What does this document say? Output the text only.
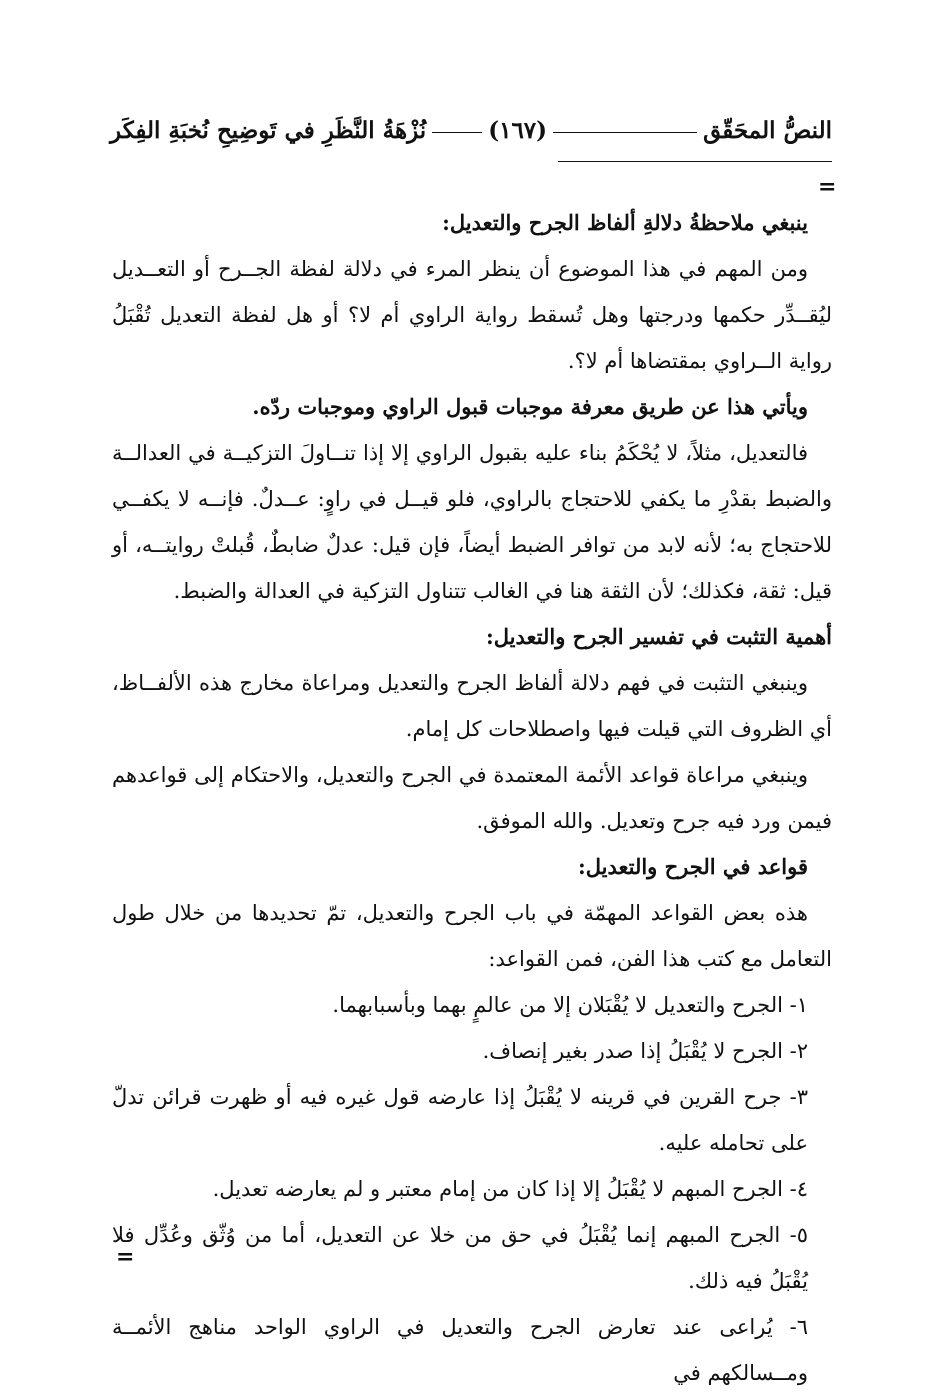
النصُّ المحَقّق
(١٦٧)
نُزْهَةُ النَّظَرِ في تَوضِيحِ نُخبَةِ الفِكَر
=
ينبغي ملاحظةُ دلالةِ ألفاظ الجرح والتعديل:

ومن المهم في هذا الموضوع أن ينظر المرء في دلالة لفظة الجــرح أو التعــديل ليُقــدِّر حكمها ودرجتها وهل تُسقط رواية الراوي أم لا؟ أو هل لفظة التعديل تُقْبَلُ رواية الــراوي بمقتضاها أم لا؟.

ويأتي هذا عن طريق معرفة موجبات قبول الراوي وموجبات ردّه.

فالتعديل، مثلاً، لا يُحْكَمُ بناء عليه بقبول الراوي إلا إذا تنــاولَ التزكيــة في العدالــة والضبط بقدْرِ ما يكفي للاحتجاج بالراوي، فلو قيــل في راوٍ: عــدلٌ. فإنــه لا يكفــي للاحتجاج به؛ لأنه لابد من توافر الضبط أيضاً، فإن قيل: عدلٌ ضابطٌ، قُبلتْ روايتــه، أو قيل: ثقة، فكذلك؛ لأن الثقة هنا في الغالب تتناول التزكية في العدالة والضبط.

أهمية التثبت في تفسير الجرح والتعديل:

وينبغي التثبت في فهم دلالة ألفاظ الجرح والتعديل ومراعاة مخارج هذه الألفــاظ، أي الظروف التي قيلت فيها واصطلاحات كل إمام.

وينبغي مراعاة قواعد الأئمة المعتمدة في الجرح والتعديل، والاحتكام إلى قواعدهم فيمن ورد فيه جرح وتعديل. والله الموفق.

قواعد في الجرح والتعديل:

هذه بعض القواعد المهمّة في باب الجرح والتعديل، تمّ تحديدها من خلال طول التعامل مع كتب هذا الفن، فمن القواعد:

١- الجرح والتعديل لا يُقْبَلان إلا من عالمٍ بهما وبأسبابهما.

٢- الجرح لا يُقْبَلُ إذا صدر بغير إنصاف.

٣- جرح القرين في قرينه لا يُقْبَلُ إذا عارضه قول غيره فيه أو ظهرت قرائن تدلّ على تحامله عليه.

٤- الجرح المبهم لا يُقْبَلُ إلا إذا كان من إمام معتبر و لم يعارضه تعديل.

٥- الجرح المبهم إنما يُقْبَلُ في حق من خلا عن التعديل، أما من وُثّق وعُدِّل فلا يُقْبَلُ فيه ذلك.

٦- يُراعى عند تعارض الجرح والتعديل في الراوي الواحد مناهج الأئمــة ومــسالكهم في

=
